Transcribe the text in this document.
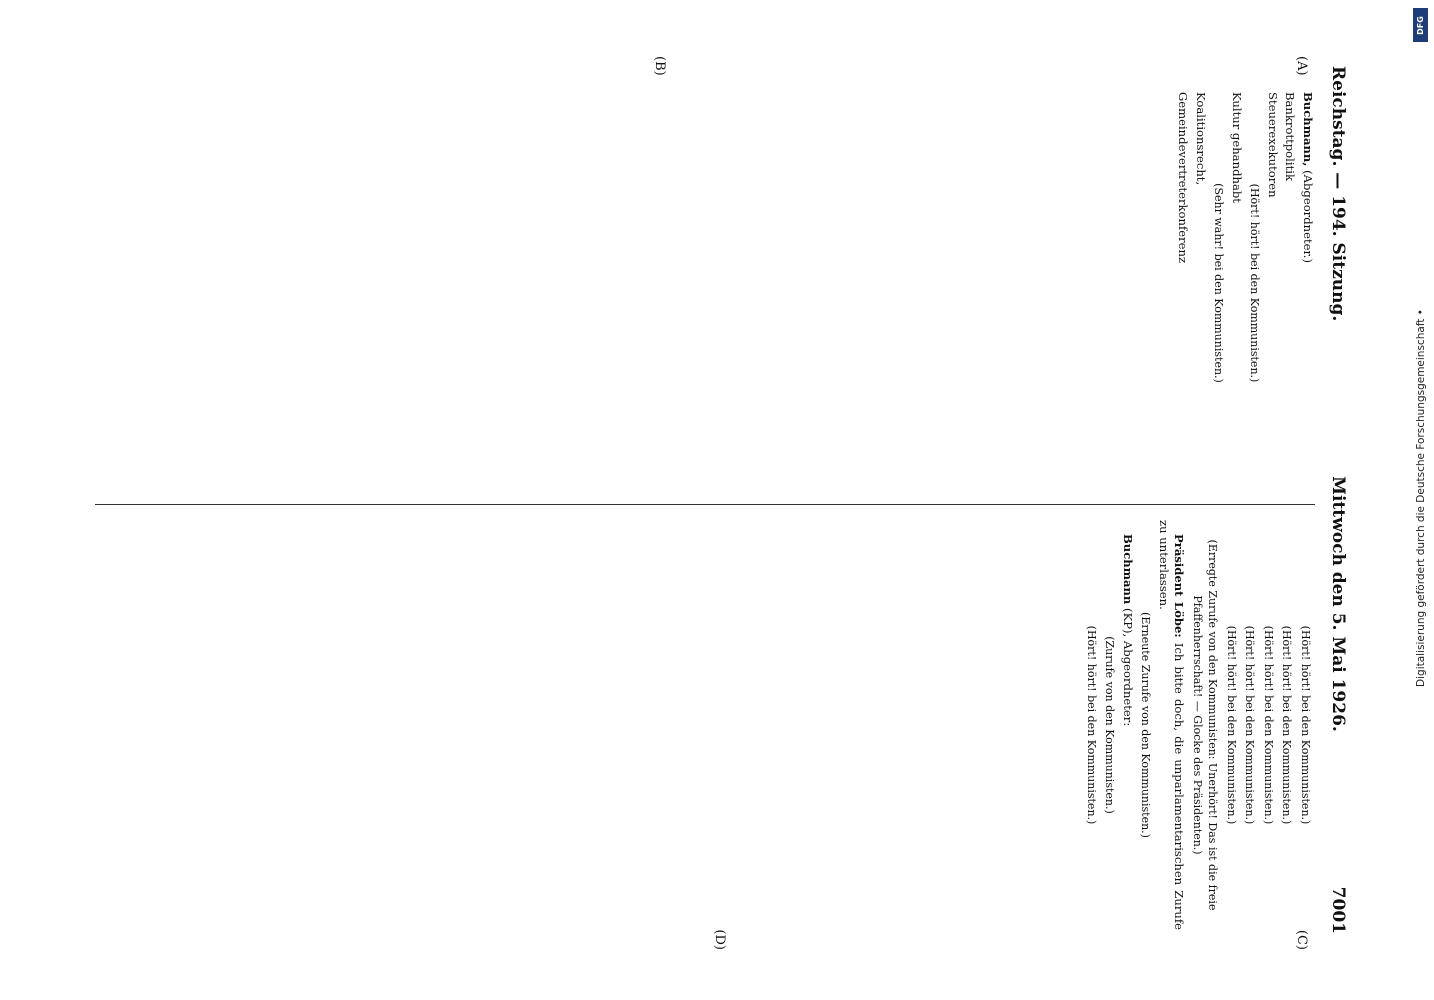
Reichstag. — 194. Sitzung.
Mittwoch den 5. Mai 1926.
7001
(A)
(B)
(C)
(D)

Buchmann, (Abgeordneter.)

Bankrottpolitik

Steuerexekutoren

(Hört! hört! bei den Kommunisten.)

Kultur gehandhabt

(Sehr wahr! bei den Kommunisten.)

Koalitionsrecht,

Gemeindevertreterkonferenz

(Hört! hört! bei den Kommunisten.)

(Hört! hört! bei den Kommunisten.)

(Hört! hört! bei den Kommunisten.)

(Hört! hört! bei den Kommunisten.)

(Hört! hört! bei den Kommunisten.)

(Erregte Zurufe von den Kommunisten: Unerhört! Das ist die freie Pfaffenherrschaft! — Glocke des Präsidenten.)

Präsident Löbe: Ich bitte doch, die unparlamentarischen Zurufe zu unterlassen.

(Erneute Zurufe von den Kommunisten.)

Buchmann (KP), Abgeordneter:

(Zurufe von den Kommunisten.)

(Hört! hört! bei den Kommunisten.)

Digitalisierung gefördert durch die Deutsche Forschungsgemeinschaft •
DFG
